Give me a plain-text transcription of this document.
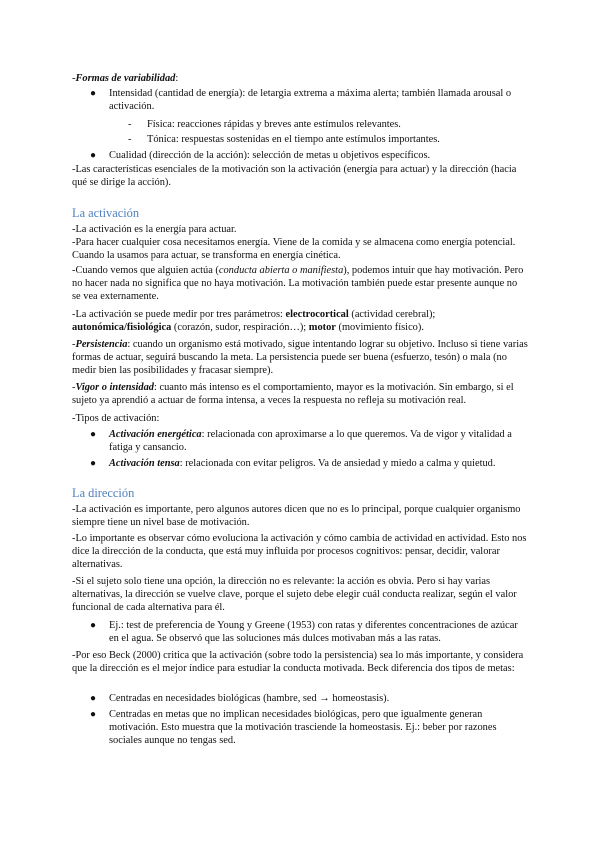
-Formas de variabilidad:

● Intensidad (cantidad de energía): de letargia extrema a máxima alerta; también llamada arousal o activación.
- Física: reacciones rápidas y breves ante estímulos relevantes.
- Tónica: respuestas sostenidas en el tiempo ante estímulos importantes.
● Cualidad (dirección de la acción): selección de metas u objetivos específicos.

-Las características esenciales de la motivación son la activación (energía para actuar) y la dirección (hacia qué se dirige la acción).

La activación

-La activación es la energía para actuar.

-Para hacer cualquier cosa necesitamos energía. Viene de la comida y se almacena como energía potencial. Cuando la usamos para actuar, se transforma en energía cinética.

-Cuando vemos que alguien actúa (conducta abierta o manifiesta), podemos intuir que hay motivación. Pero no hacer nada no significa que no haya motivación. La motivación también puede estar presente aunque no se vea externamente.

-La activación se puede medir por tres parámetros: electrocortical (actividad cerebral); autonómica/fisiológica (corazón, sudor, respiración…); motor (movimiento físico).

-Persistencia: cuando un organismo está motivado, sigue intentando lograr su objetivo. Incluso si tiene varias formas de actuar, seguirá buscando la meta. La persistencia puede ser buena (esfuerzo, tesón) o mala (no medir bien las posibilidades y fracasar siempre).

-Vigor o intensidad: cuanto más intenso es el comportamiento, mayor es la motivación. Sin embargo, si el sujeto ya aprendió a actuar de forma intensa, a veces la respuesta no refleja su motivación real.

-Tipos de activación:

● Activación energética: relacionada con aproximarse a lo que queremos. Va de vigor y vitalidad a fatiga y cansancio.
● Activación tensa: relacionada con evitar peligros. Va de ansiedad y miedo a calma y quietud.
La dirección

-La activación es importante, pero algunos autores dicen que no es lo principal, porque cualquier organismo siempre tiene un nivel base de motivación.

-Lo importante es observar cómo evoluciona la activación y cómo cambia de actividad en actividad. Esto nos dice la dirección de la conducta, que está muy influida por procesos cognitivos: pensar, decidir, valorar alternativas.

-Si el sujeto solo tiene una opción, la dirección no es relevante: la acción es obvia. Pero si hay varias alternativas, la dirección se vuelve clave, porque el sujeto debe elegir cuál conducta realizar, según el valor funcional de cada alternativa para él.

● Ej.: test de preferencia de Young y Greene (1953) con ratas y diferentes concentraciones de azúcar en el agua. Se observó que las soluciones más dulces motivaban más a las ratas.

-Por eso Beck (2000) critica que la activación (sobre todo la persistencia) sea lo más importante, y considera que la dirección es el mejor índice para estudiar la conducta motivada. Beck diferencia dos tipos de metas:

● Centradas en necesidades biológicas (hambre, sed → homeostasis).
● Centradas en metas que no implican necesidades biológicas, pero que igualmente generan motivación. Esto muestra que la motivación trasciende la homeostasis. Ej.: beber por razones sociales aunque no tengas sed.
